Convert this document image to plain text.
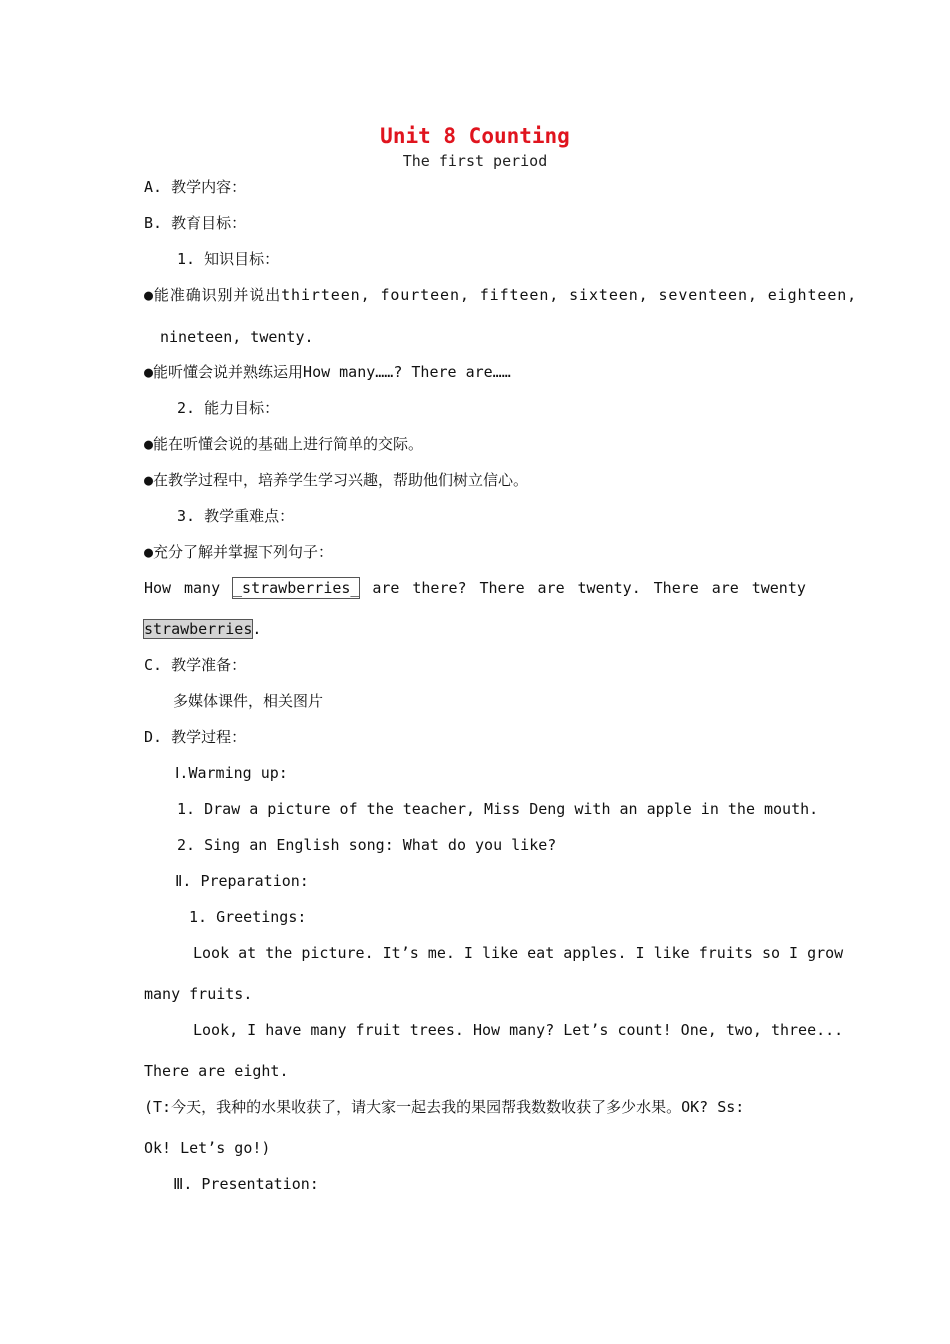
Unit 8 Counting
The first period
A. 教学内容：
B. 教育目标：
1. 知识目标：
●能准确识别并说出thirteen, fourteen, fifteen, sixteen, seventeen, eighteen,
nineteen, twenty.
●能听懂会说并熟练运用How many……? There are……
2. 能力目标：
●能在听懂会说的基础上进行简单的交际。
●在教学过程中，培养学生学习兴趣，帮助他们树立信心。
3. 教学重难点：
●充分了解并掌握下列句子：
How many _strawberries_ are there? There are twenty. There are twenty
strawberries.
C. 教学准备：
多媒体课件，相关图片
D. 教学过程：
Ⅰ.Warming up:
1. Draw a picture of the teacher, Miss Deng with an apple in the mouth.
2. Sing an English song: What do you like?
Ⅱ. Preparation:
1. Greetings:
Look at the picture. It’s me. I like eat apples. I like fruits so I grow
many fruits.
Look, I have many fruit trees. How many? Let’s count! One, two, three...
There are eight.
(T:今天，我种的水果收获了，请大家一起去我的果园帮我数数收获了多少水果。OK? Ss:
Ok! Let’s go!)
Ⅲ. Presentation:
